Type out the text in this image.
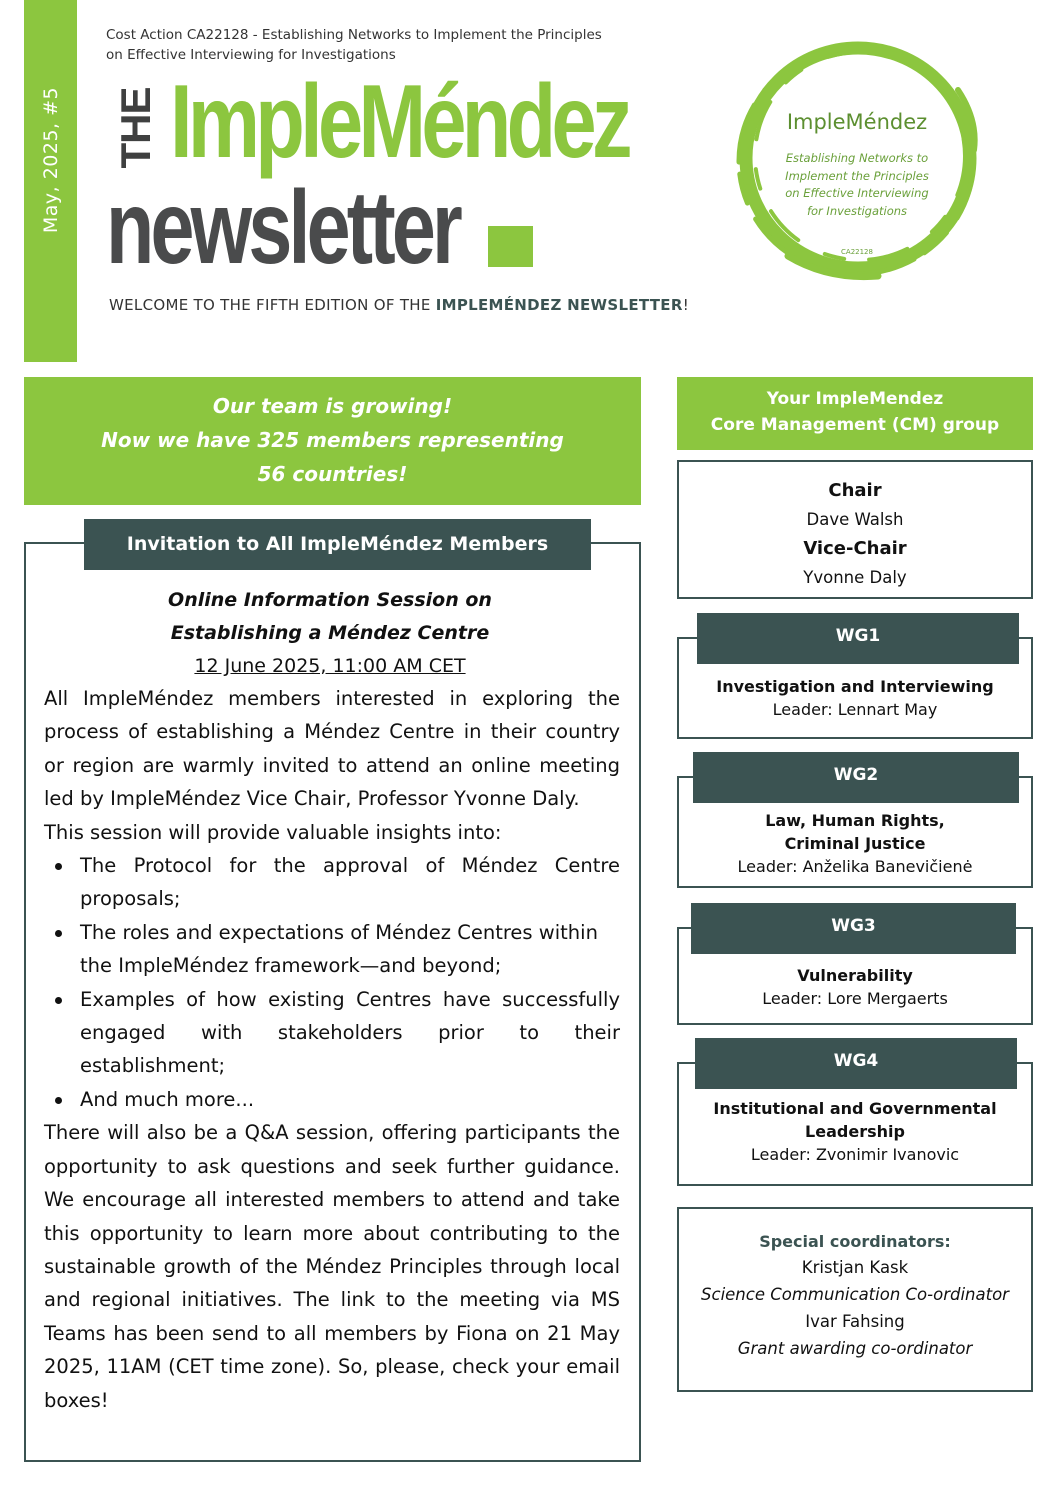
May, 2025, #5
Cost Action CA22128 - Establishing Networks to Implement the Principles on Effective Interviewing for Investigations
THE ImpleMéndez
newsletter
WELCOME TO THE FIFTH EDITION OF THE IMPLEMÉNDEZ NEWSLETTER!
ImpleMéndez
Establishing Networks to Implement the Principles on Effective Interviewing for Investigations
CA22128
Our team is growing!
Now we have 325 members representing
56 countries!
Invitation to All ImpleMéndez Members
Online Information Session on
Establishing a Méndez Centre
12 June 2025, 11:00 AM CET

All ImpleMéndez members interested in exploring the process of establishing a Méndez Centre in their country or region are warmly invited to attend an online meeting led by ImpleMéndez Vice Chair, Professor Yvonne Daly.

This session will provide valuable insights into:

The Protocol for the approval of Méndez Centre proposals;
The roles and expectations of Méndez Centres within the ImpleMéndez framework—and beyond;
Examples of how existing Centres have successfully engaged with stakeholders prior to their establishment;
And much more...

There will also be a Q&A session, offering participants the opportunity to ask questions and seek further guidance. We encourage all interested members to attend and take this opportunity to learn more about contributing to the sustainable growth of the Méndez Principles through local and regional initiatives. The link to the meeting via MS Teams has been send to all members by Fiona on 21 May 2025, 11AM (CET time zone). So, please, check your email boxes!

Your ImpleMendez
Core Management (CM) group
Chair
Dave Walsh
Vice-Chair
Yvonne Daly
WG1
Investigation and Interviewing
Leader: Lennart May
WG2
Law, Human Rights,
Criminal Justice
Leader: Anželika Banevičienė
WG3
Vulnerability
Leader: Lore Mergaerts
WG4
Institutional and Governmental
Leadership
Leader: Zvonimir Ivanovic
Special coordinators:
Kristjan Kask
Science Communication Co-ordinator
Ivar Fahsing
Grant awarding co-ordinator
